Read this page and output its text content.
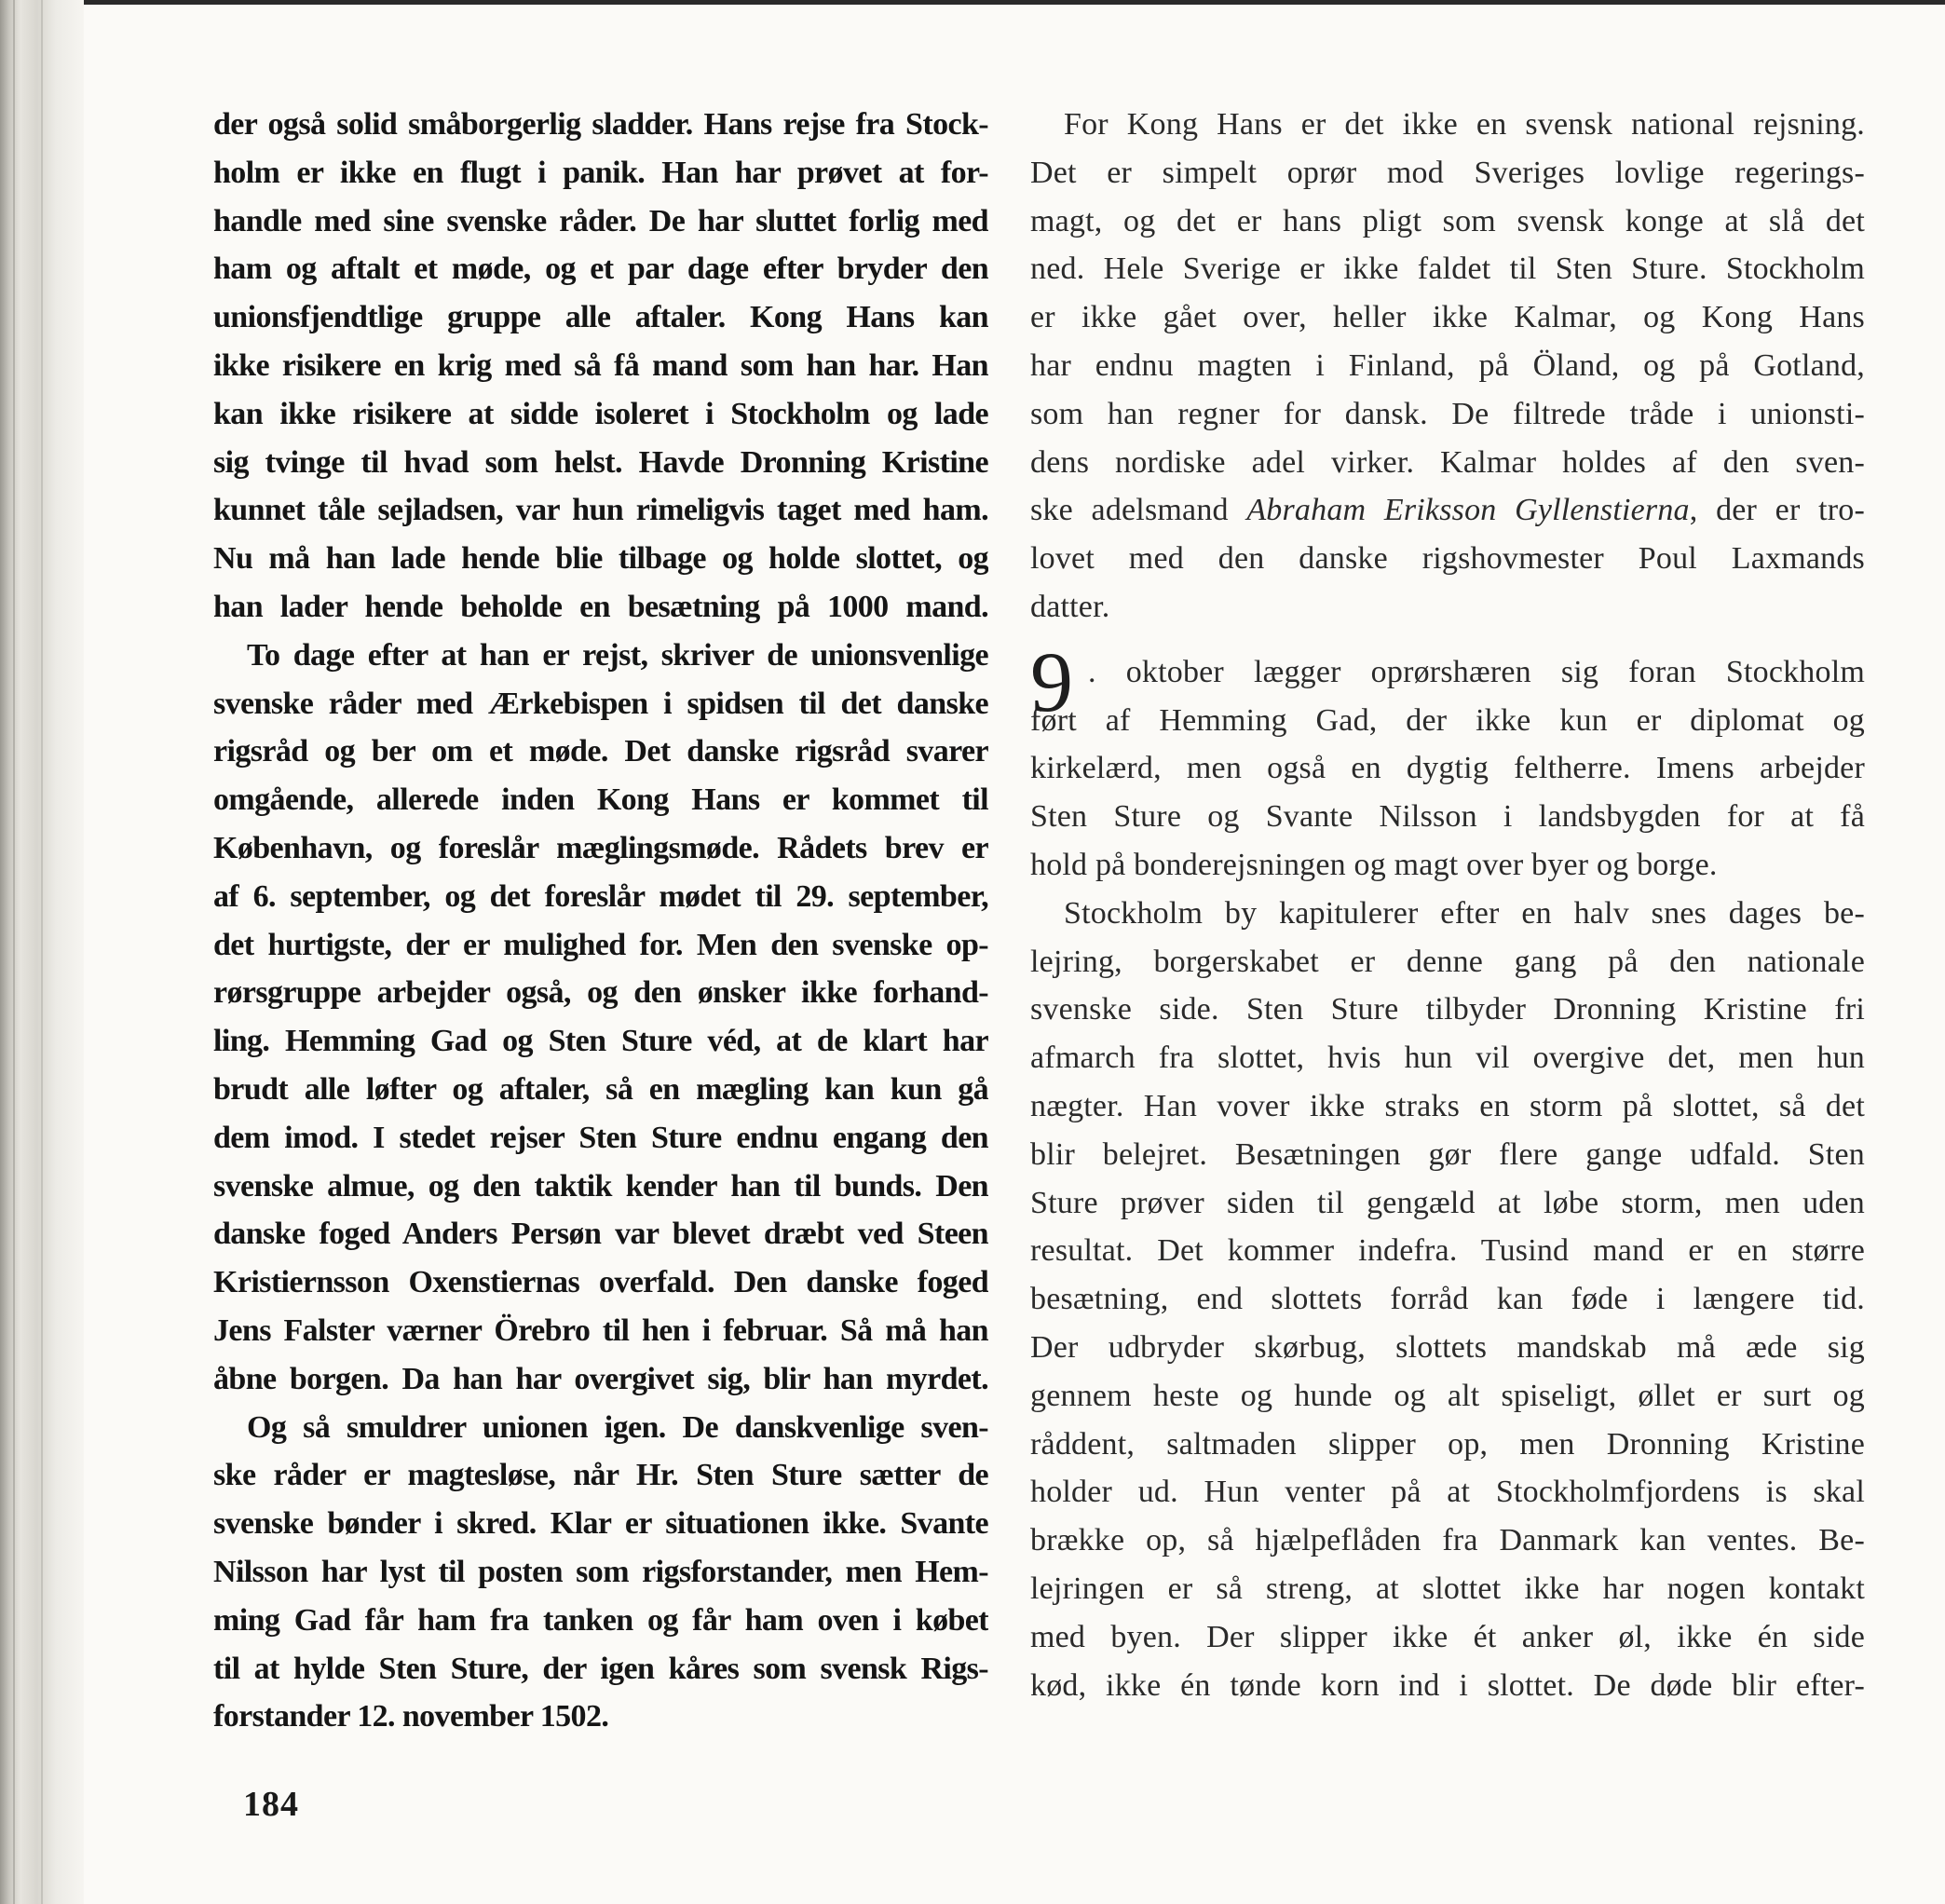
der også solid småborgerlig sladder. Hans rejse fra Stock-
holm er ikke en flugt i panik. Han har prøvet at for-
handle med sine svenske råder. De har sluttet forlig med
ham og aftalt et møde, og et par dage efter bryder den
unionsfjendtlige gruppe alle aftaler. Kong Hans kan
ikke risikere en krig med så få mand som han har. Han
kan ikke risikere at sidde isoleret i Stockholm og lade
sig tvinge til hvad som helst. Havde Dronning Kristine
kunnet tåle sejladsen, var hun rimeligvis taget med ham.
Nu må han lade hende blie tilbage og holde slottet, og
han lader hende beholde en besætning på 1000 mand.
To dage efter at han er rejst, skriver de unionsvenlige
svenske råder med Ærkebispen i spidsen til det danske
rigsråd og ber om et møde. Det danske rigsråd svarer
omgående, allerede inden Kong Hans er kommet til
København, og foreslår mæglingsmøde. Rådets brev er
af 6. september, og det foreslår mødet til 29. september,
det hurtigste, der er mulighed for. Men den svenske op-
rørsgruppe arbejder også, og den ønsker ikke forhand-
ling. Hemming Gad og Sten Sture véd, at de klart har
brudt alle løfter og aftaler, så en mægling kan kun gå
dem imod. I stedet rejser Sten Sture endnu engang den
svenske almue, og den taktik kender han til bunds. Den
danske foged Anders Persøn var blevet dræbt ved Steen
Kristiernsson Oxenstiernas overfald. Den danske foged
Jens Falster værner Örebro til hen i februar. Så må han
åbne borgen. Da han har overgivet sig, blir han myrdet.
Og så smuldrer unionen igen. De danskvenlige sven-
ske råder er magtesløse, når Hr. Sten Sture sætter de
svenske bønder i skred. Klar er situationen ikke. Svante
Nilsson har lyst til posten som rigsforstander, men Hem-
ming Gad får ham fra tanken og får ham oven i købet
til at hylde Sten Sture, der igen kåres som svensk Rigs-
forstander 12. november 1502.
For Kong Hans er det ikke en svensk national rejsning.
Det er simpelt oprør mod Sveriges lovlige regerings-
magt, og det er hans pligt som svensk konge at slå det
ned. Hele Sverige er ikke faldet til Sten Sture. Stockholm
er ikke gået over, heller ikke Kalmar, og Kong Hans
har endnu magten i Finland, på Öland, og på Gotland,
som han regner for dansk. De filtrede tråde i unionsti-
dens nordiske adel virker. Kalmar holdes af den sven-
ske adelsmand Abraham Eriksson Gyllenstierna, der er tro-
lovet med den danske rigshovmester Poul Laxmands
datter.
9 . oktober lægger oprørshæren sig foran Stockholm
ført af Hemming Gad, der ikke kun er diplomat og
kirkelærd, men også en dygtig feltherre. Imens arbejder
Sten Sture og Svante Nilsson i landsbygden for at få
hold på bonderejsningen og magt over byer og borge.
Stockholm by kapitulerer efter en halv snes dages be-
lejring, borgerskabet er denne gang på den nationale
svenske side. Sten Sture tilbyder Dronning Kristine fri
afmarch fra slottet, hvis hun vil overgive det, men hun
nægter. Han vover ikke straks en storm på slottet, så det
blir belejret. Besætningen gør flere gange udfald. Sten
Sture prøver siden til gengæld at løbe storm, men uden
resultat. Det kommer indefra. Tusind mand er en større
besætning, end slottets forråd kan føde i længere tid.
Der udbryder skørbug, slottets mandskab må æde sig
gennem heste og hunde og alt spiseligt, øllet er surt og
råddent, saltmaden slipper op, men Dronning Kristine
holder ud. Hun venter på at Stockholmfjordens is skal
brække op, så hjælpeflåden fra Danmark kan ventes. Be-
lejringen er så streng, at slottet ikke har nogen kontakt
med byen. Der slipper ikke ét anker øl, ikke én side
kød, ikke én tønde korn ind i slottet. De døde blir efter-
184
